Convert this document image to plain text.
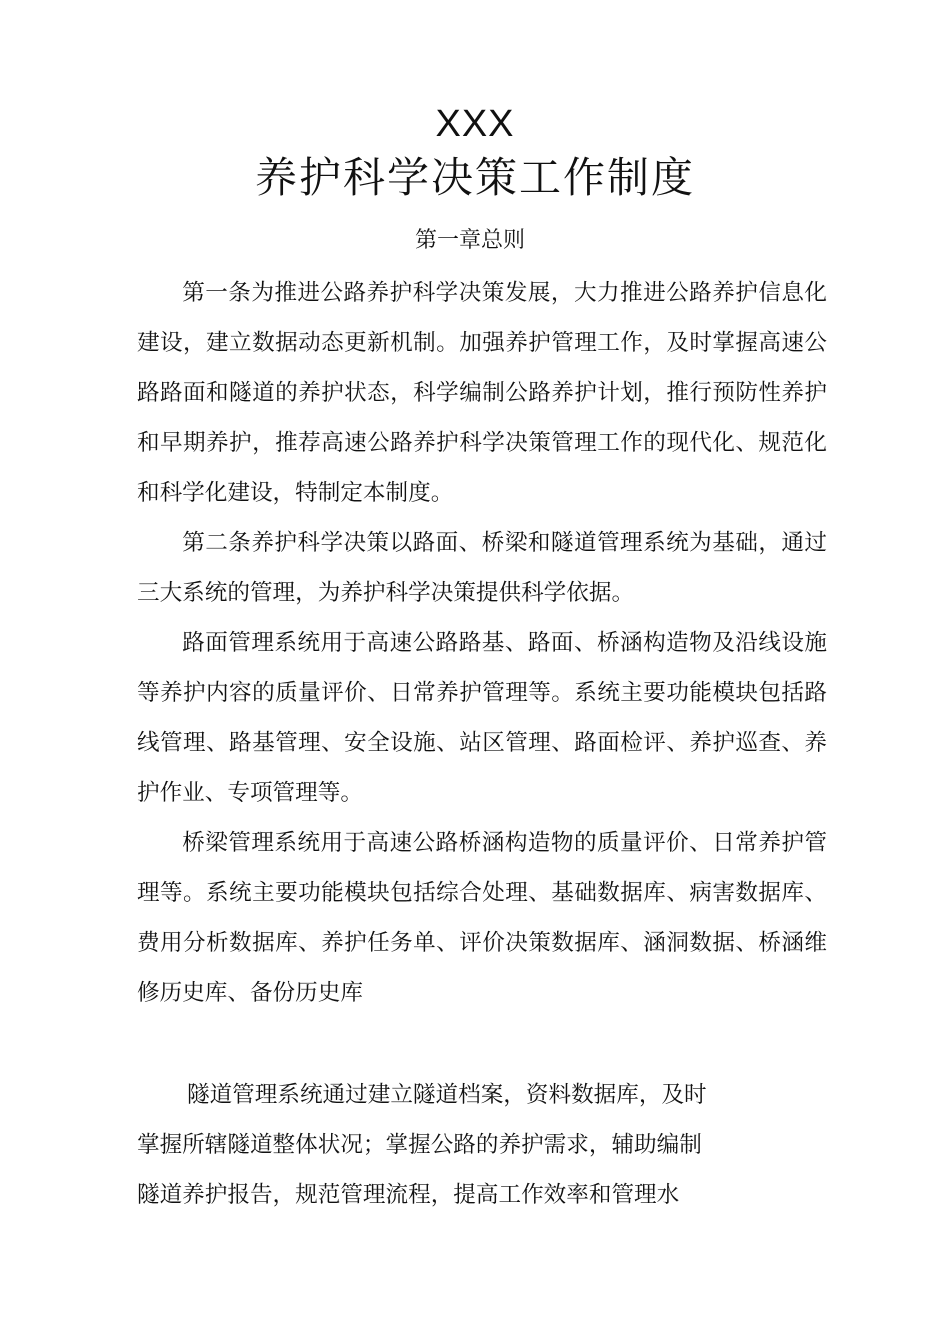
XXX
养护科学决策工作制度
第一章总则

第一条为推进公路养护科学决策发展，大力推进公路养护信息化建设，建立数据动态更新机制。加强养护管理工作，及时掌握高速公路路面和隧道的养护状态，科学编制公路养护计划，推行预防性养护和早期养护，推荐高速公路养护科学决策管理工作的现代化、规范化和科学化建设，特制定本制度。

第二条养护科学决策以路面、桥梁和隧道管理系统为基础，通过三大系统的管理，为养护科学决策提供科学依据。

路面管理系统用于高速公路路基、路面、桥涵构造物及沿线设施等养护内容的质量评价、日常养护管理等。系统主要功能模块包括路线管理、路基管理、安全设施、站区管理、路面检评、养护巡查、养护作业、专项管理等。

桥梁管理系统用于高速公路桥涵构造物的质量评价、日常养护管理等。系统主要功能模块包括综合处理、基础数据库、病害数据库、费用分析数据库、养护任务单、评价决策数据库、涵洞数据、桥涵维修历史库、备份历史库

隧道管理系统通过建立隧道档案，资料数据库，及时
掌握所辖隧道整体状况；掌握公路的养护需求，辅助编制
隧道养护报告，规范管理流程，提高工作效率和管理水
